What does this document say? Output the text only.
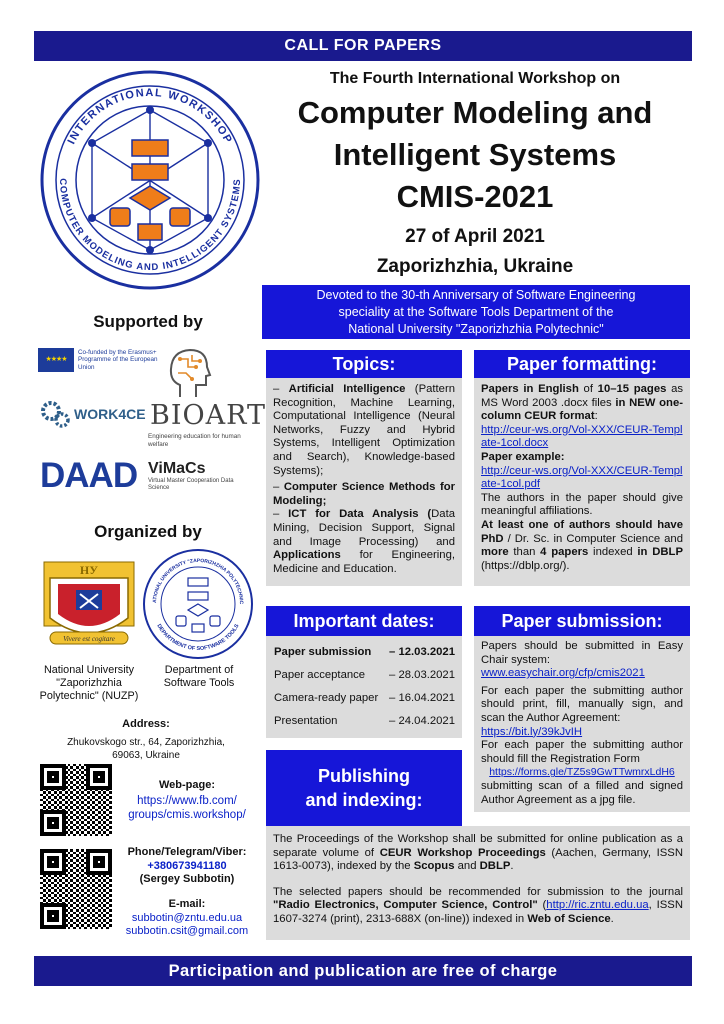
CALL FOR PAPERS
INTERNATIONAL WORKSHOP
COMPUTER MODELING AND INTELLIGENT SYSTEMS
The Fourth International Workshop on
Computer Modeling and
Intelligent Systems
CMIS-2021
27 of April 2021
Zaporizhzhia, Ukraine
Devoted to the 30-th Anniversary of Software Engineering
speciality at the Software Tools Department of the
National University "Zaporizhzhia Polytechnic"
Supported by
★★★★
Co-funded by the Erasmus+ Programme of the European Union
BIOART
Engineering education for human welfare
WORK4CE
DAAD ViMaCs
Virtual Master Cooperation Data Science
Organized by
Vivere est cogitare
НУ
ATIONAL UNIVERSITY "ZAPORIZHZHIA POLYTECHNIC
DEPARTMENT OF SOFTWARE TOOLS
National University
"Zaporizhzhia
Polytechnic" (NUZP)
Department of
Software Tools
Address:
Zhukovskogo str., 64, Zaporizhzhia,
69063, Ukraine
Web-page:
https://www.fb.com/
groups/cmis.workshop/
Phone/Telegram/Viber:
+380673941180
(Sergey Subbotin)
E-mail:
subbotin@zntu.edu.ua
subbotin.csit@gmail.com
Topics:
– Artificial Intelligence (Pattern Recognition, Machine Learning, Computational Intelligence (Neural Networks, Fuzzy and Hybrid Systems, Intelligent Optimization and Search), Knowledge-based Systems);
– Computer Science Methods for Modeling;
– ICT for Data Analysis (Data Mining, Decision Support, Signal and Image Processing) and Applications for Engineering, Medicine and Education.
Paper formatting:
Papers in English of 10–15 pages as MS Word 2003 .docx files in NEW one-column CEUR format:
http://ceur-ws.org/Vol-XXX/CEUR-Template-1col.docx
Paper example:
http://ceur-ws.org/Vol-XXX/CEUR-Template-1col.pdf
The authors in the paper should give meaningful affiliations.
At least one of authors should have PhD / Dr. Sc. in Computer Science and more than 4 papers indexed in DBLP (https://dblp.org/).
Important dates:
Paper submission – 12.03.2021
Paper acceptance – 28.03.2021
Camera-ready paper – 16.04.2021
Presentation	– 24.04.2021
Paper submission:
Papers should be submitted in Easy Chair system:
www.easychair.org/cfp/cmis2021
For each paper the submitting author should print, fill, manually sign, and scan the Author Agreement:
https://bit.ly/39kJvIH
For each paper the submitting author should fill the Registration Form
https://forms.gle/TZ5s9GwTTwmrxLdH6
submitting scan of a filled and signed Author Agreement as a jpg file.
Publishing
and indexing:
The Proceedings of the Workshop shall be submitted for online publication as a separate volume of CEUR Workshop Proceedings (Aachen, Germany, ISSN 1613-0073), indexed by the Scopus and DBLP.
The selected papers should be recommended for submission to the journal "Radio Electronics, Computer Science, Control" (http://ric.zntu.edu.ua, ISSN 1607-3274 (print), 2313-688X (on-line)) indexed in Web of Science.
Participation and publication are free of charge
